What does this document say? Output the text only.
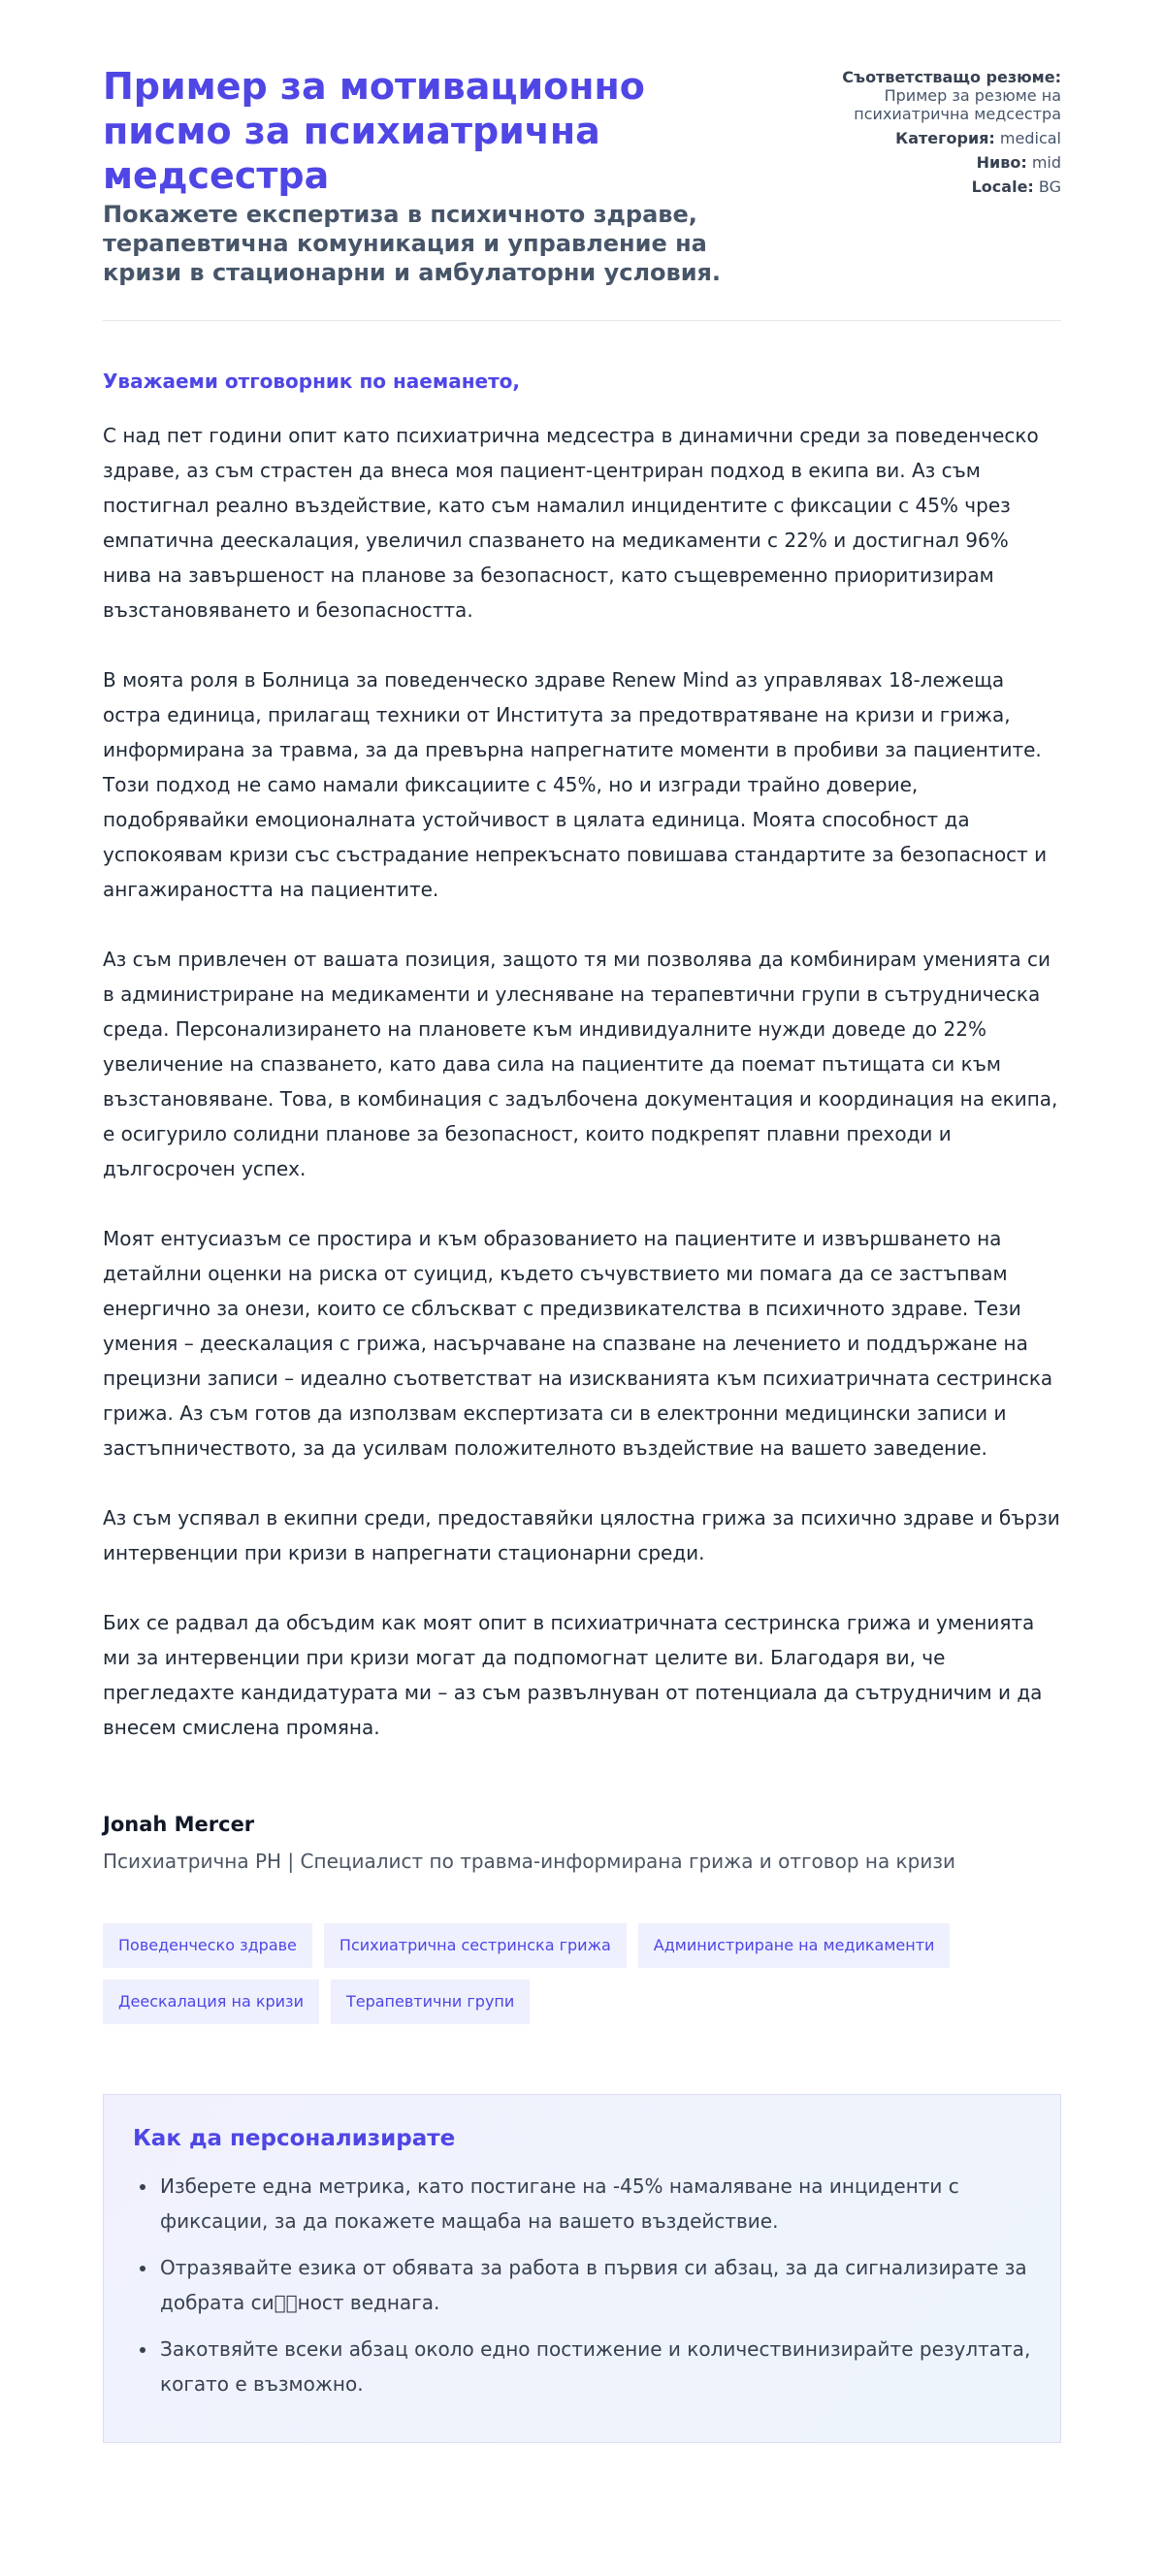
Пример за мотивационно писмо за психиатрична медсестра
Покажете експертиза в психичното здраве, терапевтична комуникация и управление на кризи в стационарни и амбулаторни условия.
Съответстващо резюме: Пример за резюме на психиатрична медсестра
Категория: medical
Ниво: mid
Locale: BG

Уважаеми отговорник по наемането,

С над пет години опит като психиатрична медсестра в динамични среди за поведенческо здраве, аз съм страстен да внеса моя пациент-центриран подход в екипа ви. Аз съм постигнал реално въздействие, като съм намалил инцидентите с фиксации с 45% чрез емпатична деескалация, увеличил спазването на медикаменти с 22% и достигнал 96% нива на завършеност на планове за безопасност, като същевременно приоритизирам възстановяването и безопасността.

В моята роля в Болница за поведенческо здраве Renew Mind аз управлявах 18-лежеща остра единица, прилагащ техники от Института за предотвратяване на кризи и грижа, информирана за травма, за да превърна напрегнатите моменти в пробиви за пациентите. Този подход не само намали фиксациите с 45%, но и изгради трайно доверие, подобрявайки емоционалната устойчивост в цялата единица. Моята способност да успокоявам кризи със състрадание непрекъснато повишава стандартите за безопасност и ангажираността на пациентите.

Аз съм привлечен от вашата позиция, защото тя ми позволява да комбинирам уменията си в администриране на медикаменти и улесняване на терапевтични групи в сътрудническа среда. Персонализирането на плановете към индивидуалните нужди доведе до 22% увеличение на спазването, като дава сила на пациентите да поемат пътищата си към възстановяване. Това, в комбинация с задълбочена документация и координация на екипа, е осигурило солидни планове за безопасност, които подкрепят плавни преходи и дългосрочен успех.

Моят ентусиазъм се простира и към образованието на пациентите и извършването на детайлни оценки на риска от суицид, където съчувствието ми помага да се застъпвам енергично за онези, които се сблъскват с предизвикателства в психичното здраве. Тези умения – деескалация с грижа, насърчаване на спазване на лечението и поддържане на прецизни записи – идеално съответстват на изискванията към психиатричната сестринска грижа. Аз съм готов да използвам експертизата си в електронни медицински записи и застъпничеството, за да усилвам положителното въздействие на вашето заведение.

Аз съм успявал в екипни среди, предоставяйки цялостна грижа за психично здраве и бързи интервенции при кризи в напрегнати стационарни среди.

Бих се радвал да обсъдим как моят опит в психиатричната сестринска грижа и уменията ми за интервенции при кризи могат да подпомогнат целите ви. Благодаря ви, че прегледахте кандидатурата ми – аз съм развълнуван от потенциала да сътрудничим и да внесем смислена промяна.

Jonah Mercer
Психиатрична РН | Специалист по травма-информирана грижа и отговор на кризи
Поведенческо здраве	Психиатрична сестринска грижа	Администриране на медикаменти
Деескалация на кризи	Терапевтични групи
Как да персонализирате
• Изберете една метрика, като постигане на -45% намаляване на инциденти с фиксации, за да покажете мащаба на вашето въздействие.
• Отразявайте езика от обявата за работа в първия си абзац, за да сигнализирате за добрата си  ност веднага.
• Закотвяйте всеки абзац около едно постижение и количествинизирайте резултата, когато е възможно.
